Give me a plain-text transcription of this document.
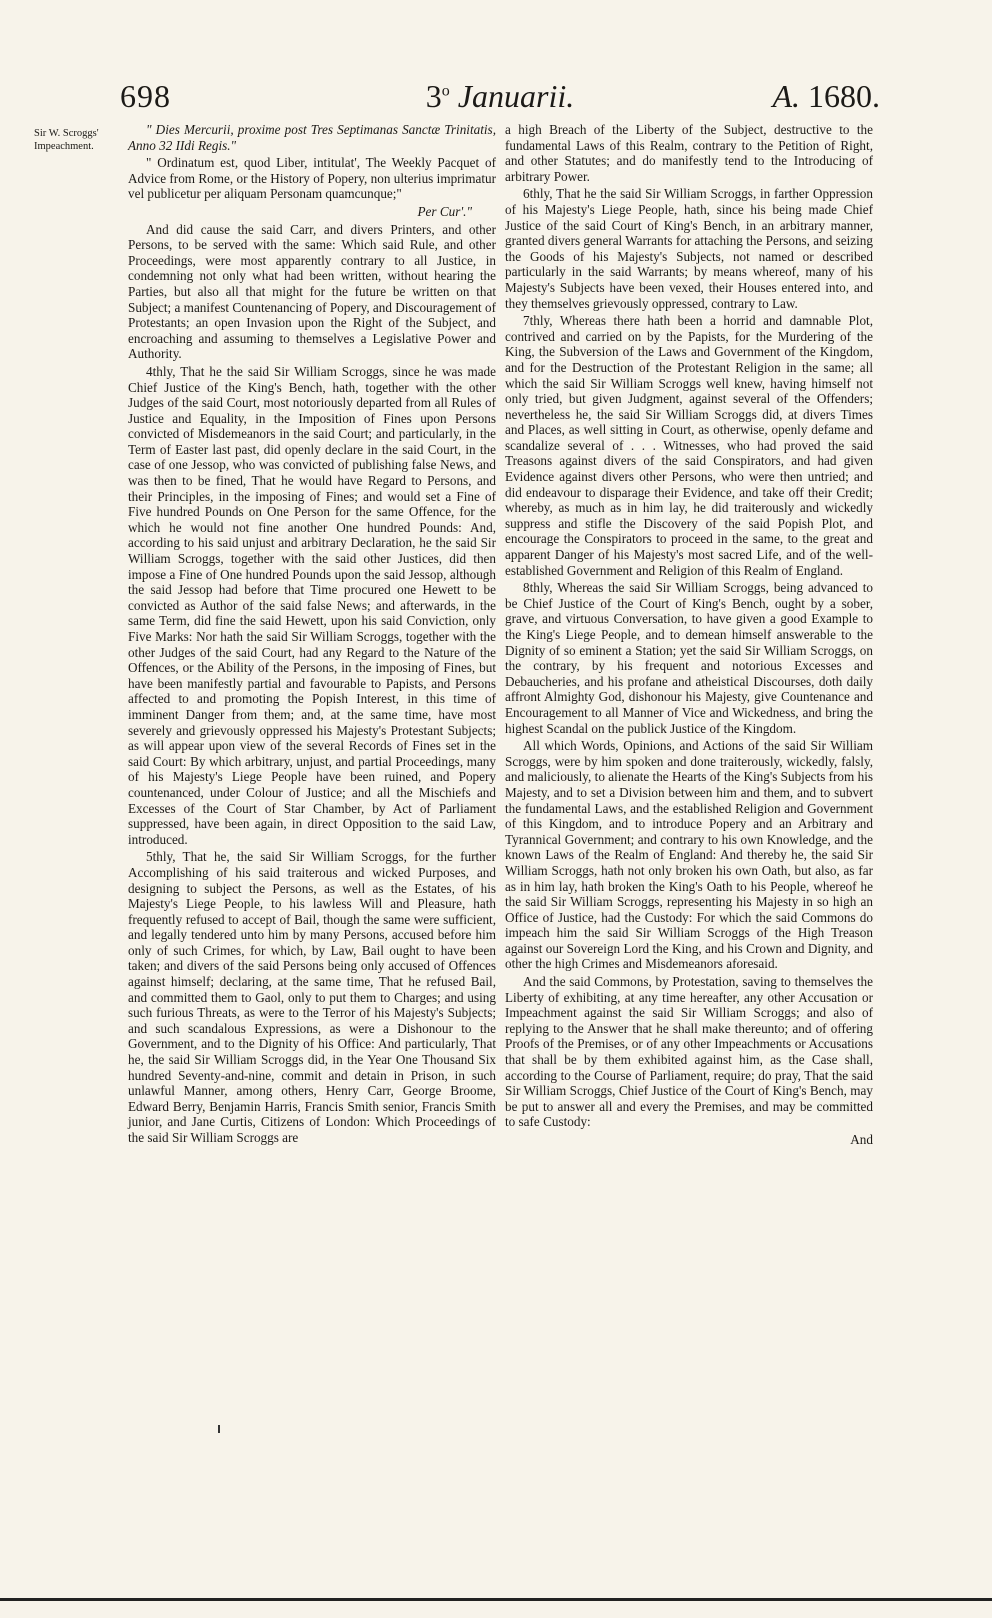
698	3$^o$ Januarii.	A. 1680.
Sir W. Scroggs' Impeachment.

" Dies Mercurii, proxime post Tres Septimanas Sanctæ Trinitatis, Anno 32 IIdi Regis."

" Ordinatum est, quod Liber, intitulat', The Weekly Pacquet of Advice from Rome, or the History of Popery, non ulterius imprimatur vel publicetur per aliquam Personam quamcunque;"

Per Cur'."

And did cause the said Carr, and divers Printers, and other Persons, to be served with the same: Which said Rule, and other Proceedings, were most apparently contrary to all Justice, in condemning not only what had been written, without hearing the Parties, but also all that might for the future be written on that Subject; a manifest Countenancing of Popery, and Discouragement of Protestants; an open Invasion upon the Right of the Subject, and encroaching and assuming to themselves a Legislative Power and Authority.

4thly, That he the said Sir William Scroggs, since he was made Chief Justice of the King's Bench, hath, together with the other Judges of the said Court, most notoriously departed from all Rules of Justice and Equality, in the Imposition of Fines upon Persons convicted of Misdemeanors in the said Court; and particularly, in the Term of Easter last past, did openly declare in the said Court, in the case of one Jessop, who was convicted of publishing false News, and was then to be fined, That he would have Regard to Persons, and their Principles, in the imposing of Fines; and would set a Fine of Five hundred Pounds on One Person for the same Offence, for the which he would not fine another One hundred Pounds: And, according to his said unjust and arbitrary Declaration, he the said Sir William Scroggs, together with the said other Justices, did then impose a Fine of One hundred Pounds upon the said Jessop, although the said Jessop had before that Time procured one Hewett to be convicted as Author of the said false News; and afterwards, in the same Term, did fine the said Hewett, upon his said Conviction, only Five Marks: Nor hath the said Sir William Scroggs, together with the other Judges of the said Court, had any Regard to the Nature of the Offences, or the Ability of the Persons, in the imposing of Fines, but have been manifestly partial and favourable to Papists, and Persons affected to and promoting the Popish Interest, in this time of imminent Danger from them; and, at the same time, have most severely and grievously oppressed his Majesty's Protestant Subjects; as will appear upon view of the several Records of Fines set in the said Court: By which arbitrary, unjust, and partial Proceedings, many of his Majesty's Liege People have been ruined, and Popery countenanced, under Colour of Justice; and all the Mischiefs and Excesses of the Court of Star Chamber, by Act of Parliament suppressed, have been again, in direct Opposition to the said Law, introduced.

5thly, That he, the said Sir William Scroggs, for the further Accomplishing of his said traiterous and wicked Purposes, and designing to subject the Persons, as well as the Estates, of his Majesty's Liege People, to his lawless Will and Pleasure, hath frequently refused to accept of Bail, though the same were sufficient, and legally tendered unto him by many Persons, accused before him only of such Crimes, for which, by Law, Bail ought to have been taken; and divers of the said Persons being only accused of Offences against himself; declaring, at the same time, That he refused Bail, and committed them to Gaol, only to put them to Charges; and using such furious Threats, as were to the Terror of his Majesty's Subjects; and such scandalous Expressions, as were a Dishonour to the Government, and to the Dignity of his Office: And particularly, That he, the said Sir William Scroggs did, in the Year One Thousand Six hundred Seventy-and-nine, commit and detain in Prison, in such unlawful Manner, among others, Henry Carr, George Broome, Edward Berry, Benjamin Harris, Francis Smith senior, Francis Smith junior, and Jane Curtis, Citizens of London: Which Proceedings of the said Sir William Scroggs are

a high Breach of the Liberty of the Subject, destructive to the fundamental Laws of this Realm, contrary to the Petition of Right, and other Statutes; and do manifestly tend to the Introducing of arbitrary Power.

6thly, That he the said Sir William Scroggs, in farther Oppression of his Majesty's Liege People, hath, since his being made Chief Justice of the said Court of King's Bench, in an arbitrary manner, granted divers general Warrants for attaching the Persons, and seizing the Goods of his Majesty's Subjects, not named or described particularly in the said Warrants; by means whereof, many of his Majesty's Subjects have been vexed, their Houses entered into, and they themselves grievously oppressed, contrary to Law.

7thly, Whereas there hath been a horrid and damnable Plot, contrived and carried on by the Papists, for the Murdering of the King, the Subversion of the Laws and Government of the Kingdom, and for the Destruction of the Protestant Religion in the same; all which the said Sir William Scroggs well knew, having himself not only tried, but given Judgment, against several of the Offenders; nevertheless he, the said Sir William Scroggs did, at divers Times and Places, as well sitting in Court, as otherwise, openly defame and scandalize several of . . . Witnesses, who had proved the said Treasons against divers of the said Conspirators, and had given Evidence against divers other Persons, who were then untried; and did endeavour to disparage their Evidence, and take off their Credit; whereby, as much as in him lay, he did traiterously and wickedly suppress and stifle the Discovery of the said Popish Plot, and encourage the Conspirators to proceed in the same, to the great and apparent Danger of his Majesty's most sacred Life, and of the well-established Government and Religion of this Realm of England.

8thly, Whereas the said Sir William Scroggs, being advanced to be Chief Justice of the Court of King's Bench, ought by a sober, grave, and virtuous Conversation, to have given a good Example to the King's Liege People, and to demean himself answerable to the Dignity of so eminent a Station; yet the said Sir William Scroggs, on the contrary, by his frequent and notorious Excesses and Debaucheries, and his profane and atheistical Discourses, doth daily affront Almighty God, dishonour his Majesty, give Countenance and Encouragement to all Manner of Vice and Wickedness, and bring the highest Scandal on the publick Justice of the Kingdom.

All which Words, Opinions, and Actions of the said Sir William Scroggs, were by him spoken and done traiterously, wickedly, falsly, and maliciously, to alienate the Hearts of the King's Subjects from his Majesty, and to set a Division between him and them, and to subvert the fundamental Laws, and the established Religion and Government of this Kingdom, and to introduce Popery and an Arbitrary and Tyrannical Government; and contrary to his own Knowledge, and the known Laws of the Realm of England: And thereby he, the said Sir William Scroggs, hath not only broken his own Oath, but also, as far as in him lay, hath broken the King's Oath to his People, whereof he the said Sir William Scroggs, representing his Majesty in so high an Office of Justice, had the Custody: For which the said Commons do impeach him the said Sir William Scroggs of the High Treason against our Sovereign Lord the King, and his Crown and Dignity, and other the high Crimes and Misdemeanors aforesaid.

And the said Commons, by Protestation, saving to themselves the Liberty of exhibiting, at any time hereafter, any other Accusation or Impeachment against the said Sir William Scroggs; and also of replying to the Answer that he shall make thereunto; and of offering Proofs of the Premises, or of any other Impeachments or Accusations that shall be by them exhibited against him, as the Case shall, according to the Course of Parliament, require; do pray, That the said Sir William Scroggs, Chief Justice of the Court of King's Bench, may be put to answer all and every the Premises, and may be committed to safe Custody:

And
